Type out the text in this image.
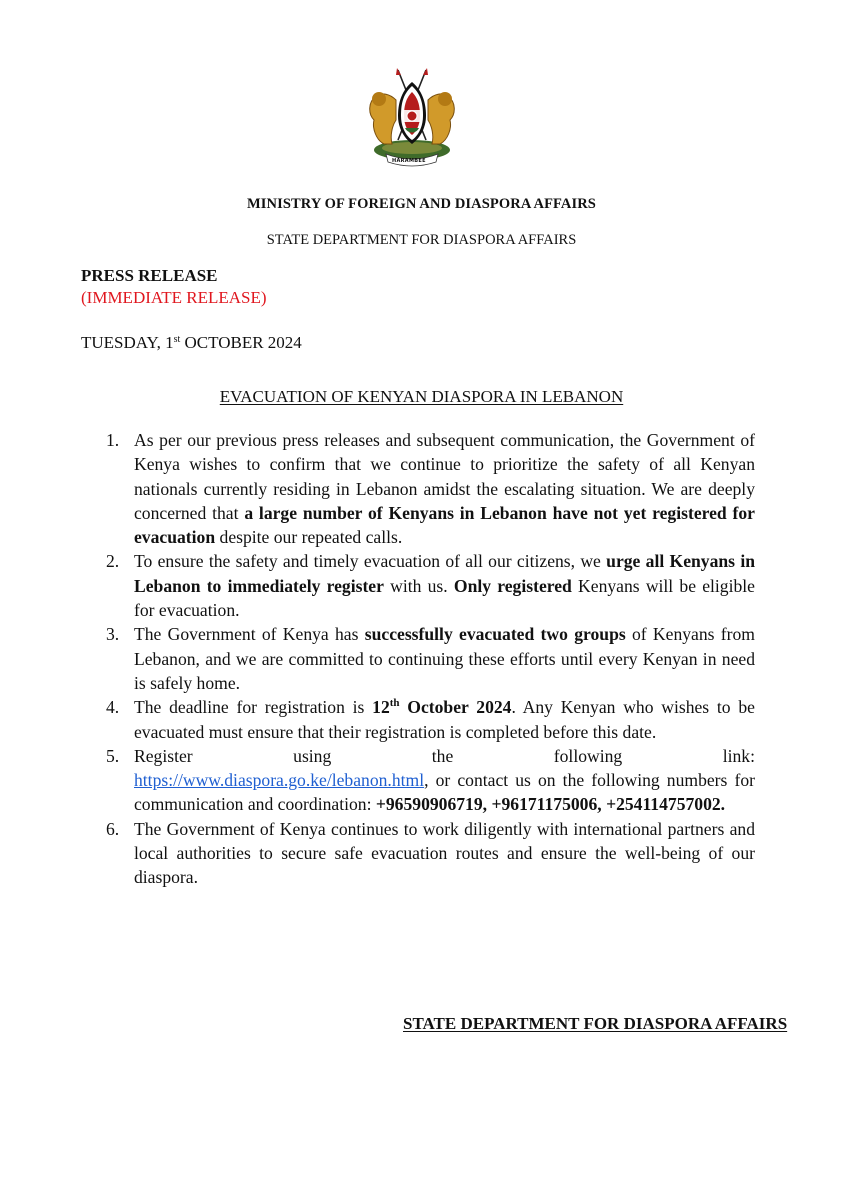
HARAMBEE
MINISTRY OF FOREIGN AND DIASPORA AFFAIRS
STATE DEPARTMENT FOR DIASPORA AFFAIRS
PRESS RELEASE
(IMMEDIATE RELEASE)
TUESDAY, 1st OCTOBER 2024
EVACUATION OF KENYAN DIASPORA IN LEBANON
1. As per our previous press releases and subsequent communication, the Government of Kenya wishes to confirm that we continue to prioritize the safety of all Kenyan nationals currently residing in Lebanon amidst the escalating situation. We are deeply concerned that a large number of Kenyans in Lebanon have not yet registered for evacuation despite our repeated calls.
2. To ensure the safety and timely evacuation of all our citizens, we urge all Kenyans in Lebanon to immediately register with us. Only registered Kenyans will be eligible for evacuation.
3. The Government of Kenya has successfully evacuated two groups of Kenyans from Lebanon, and we are committed to continuing these efforts until every Kenyan in need is safely home.
4. The deadline for registration is 12th October 2024. Any Kenyan who wishes to be evacuated must ensure that their registration is completed before this date.
5. Register	using	the	following	link:
https://www.diaspora.go.ke/lebanon.html, or contact us on the following numbers for communication and coordination: +96590906719, +96171175006, +254114757002.
6. The Government of Kenya continues to work diligently with international partners and local authorities to secure safe evacuation routes and ensure the well-being of our diaspora.
STATE DEPARTMENT FOR DIASPORA AFFAIRS
